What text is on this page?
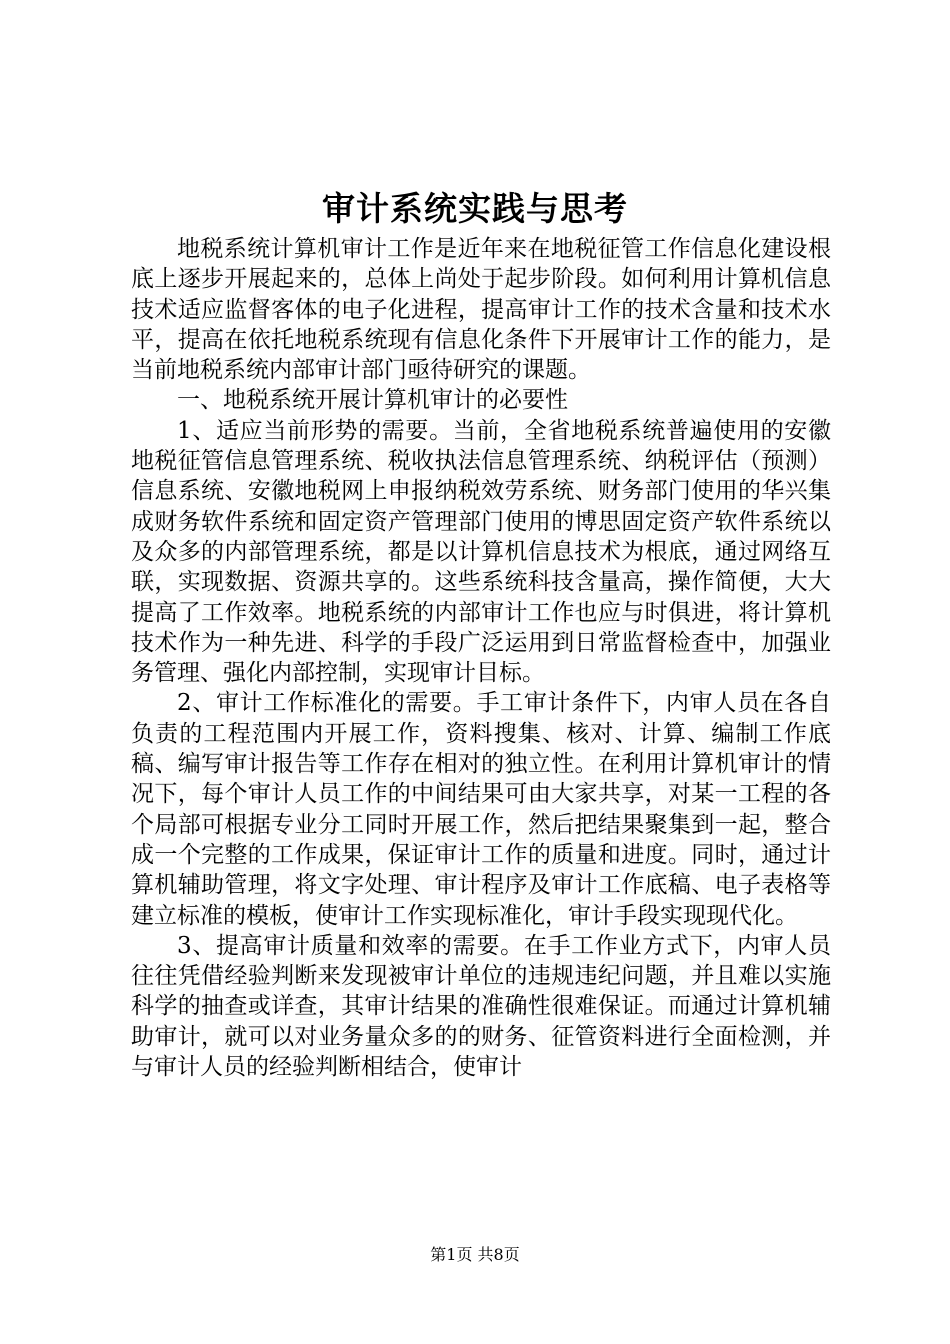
审计系统实践与思考

地税系统计算机审计工作是近年来在地税征管工作信息化建设根底上逐步开展起来的，总体上尚处于起步阶段。如何利用计算机信息技术适应监督客体的电子化进程，提高审计工作的技术含量和技术水平，提高在依托地税系统现有信息化条件下开展审计工作的能力，是当前地税系统内部审计部门亟待研究的课题。

一、地税系统开展计算机审计的必要性

1、适应当前形势的需要。当前，全省地税系统普遍使用的安徽地税征管信息管理系统、税收执法信息管理系统、纳税评估（预测）信息系统、安徽地税网上申报纳税效劳系统、财务部门使用的华兴集成财务软件系统和固定资产管理部门使用的博思固定资产软件系统以及众多的内部管理系统，都是以计算机信息技术为根底，通过网络互联，实现数据、资源共享的。这些系统科技含量高，操作简便，大大提高了工作效率。地税系统的内部审计工作也应与时俱进，将计算机技术作为一种先进、科学的手段广泛运用到日常监督检查中，加强业务管理、强化内部控制，实现审计目标。

2、审计工作标准化的需要。手工审计条件下，内审人员在各自负责的工程范围内开展工作，资料搜集、核对、计算、编制工作底稿、编写审计报告等工作存在相对的独立性。在利用计算机审计的情况下，每个审计人员工作的中间结果可由大家共享，对某一工程的各个局部可根据专业分工同时开展工作，然后把结果聚集到一起，整合成一个完整的工作成果，保证审计工作的质量和进度。同时，通过计算机辅助管理，将文字处理、审计程序及审计工作底稿、电子表格等建立标准的模板，使审计工作实现标准化，审计手段实现现代化。

3、提高审计质量和效率的需要。在手工作业方式下，内审人员往往凭借经验判断来发现被审计单位的违规违纪问题，并且难以实施科学的抽查或详查，其审计结果的准确性很难保证。而通过计算机辅助审计，就可以对业务量众多的的财务、征管资料进行全面检测，并与审计人员的经验判断相结合，使审计

第1页 共8页
